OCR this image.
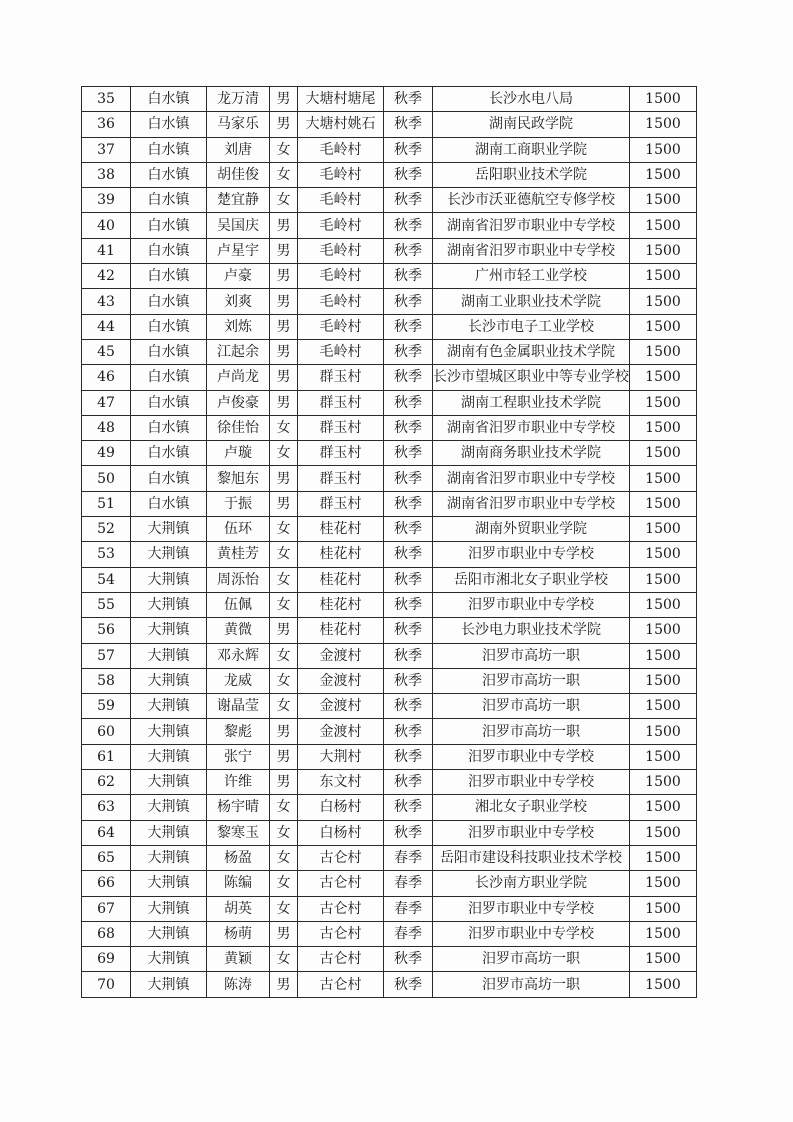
35	白水镇	龙万清	男	大塘村塘尾	秋季	长沙水电八局	1500
36	白水镇	马家乐	男	大塘村姚石	秋季	湖南民政学院	1500
37	白水镇	刘唐	女	毛岭村	秋季	湖南工商职业学院	1500
38	白水镇	胡佳俊	女	毛岭村	秋季	岳阳职业技术学院	1500
39	白水镇	楚宜静	女	毛岭村	秋季	长沙市沃亚德航空专修学校	1500
40	白水镇	吴国庆	男	毛岭村	秋季	湖南省汨罗市职业中专学校	1500
41	白水镇	卢星宇	男	毛岭村	秋季	湖南省汨罗市职业中专学校	1500
42	白水镇	卢豪	男	毛岭村	秋季	广州市轻工业学校	1500
43	白水镇	刘爽	男	毛岭村	秋季	湖南工业职业技术学院	1500
44	白水镇	刘炼	男	毛岭村	秋季	长沙市电子工业学校	1500
45	白水镇	江起余	男	毛岭村	秋季	湖南有色金属职业技术学院	1500
46	白水镇	卢尚龙	男	群玉村	秋季	长沙市望城区职业中等专业学校	1500
47	白水镇	卢俊豪	男	群玉村	秋季	湖南工程职业技术学院	1500
48	白水镇	徐佳怡	女	群玉村	秋季	湖南省汨罗市职业中专学校	1500
49	白水镇	卢璇	女	群玉村	秋季	湖南商务职业技术学院	1500
50	白水镇	黎旭东	男	群玉村	秋季	湖南省汨罗市职业中专学校	1500
51	白水镇	于振	男	群玉村	秋季	湖南省汨罗市职业中专学校	1500
52	大荆镇	伍环	女	桂花村	秋季	湖南外贸职业学院	1500
53	大荆镇	黄桂芳	女	桂花村	秋季	汨罗市职业中专学校	1500
54	大荆镇	周泺怡	女	桂花村	秋季	岳阳市湘北女子职业学校	1500
55	大荆镇	伍佩	女	桂花村	秋季	汨罗市职业中专学校	1500
56	大荆镇	黄微	男	桂花村	秋季	长沙电力职业技术学院	1500
57	大荆镇	邓永辉	女	金渡村	秋季	汨罗市高坊一职	1500
58	大荆镇	龙威	女	金渡村	秋季	汨罗市高坊一职	1500
59	大荆镇	谢晶莹	女	金渡村	秋季	汨罗市高坊一职	1500
60	大荆镇	黎彪	男	金渡村	秋季	汨罗市高坊一职	1500
61	大荆镇	张宁	男	大荆村	秋季	汨罗市职业中专学校	1500
62	大荆镇	许维	男	东文村	秋季	汨罗市职业中专学校	1500
63	大荆镇	杨宇晴	女	白杨村	秋季	湘北女子职业学校	1500
64	大荆镇	黎寒玉	女	白杨村	秋季	汨罗市职业中专学校	1500
65	大荆镇	杨盈	女	古仑村	春季	岳阳市建设科技职业技术学校	1500
66	大荆镇	陈编	女	古仑村	春季	长沙南方职业学院	1500
67	大荆镇	胡英	女	古仑村	春季	汨罗市职业中专学校	1500
68	大荆镇	杨萌	男	古仑村	春季	汨罗市职业中专学校	1500
69	大荆镇	黄颖	女	古仑村	秋季	汨罗市高坊一职	1500
70	大荆镇	陈涛	男	古仑村	秋季	汨罗市高坊一职	1500
